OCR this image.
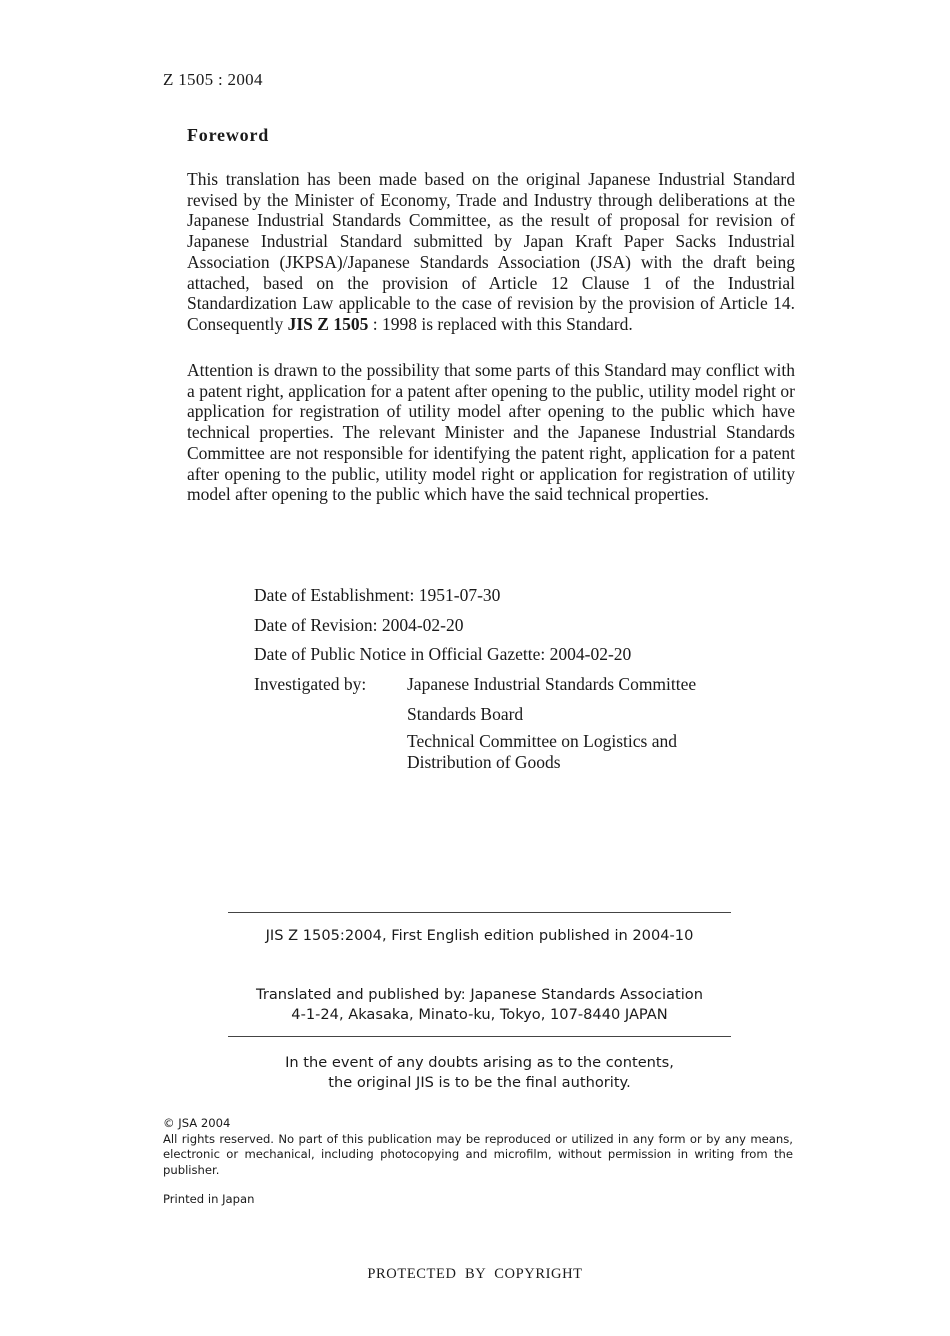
Z 1505 : 2004
Foreword
This translation has been made based on the original Japanese Industrial Standard revised by the Minister of Economy, Trade and Industry through deliberations at the Japanese Industrial Standards Committee, as the result of proposal for revision of Japanese Industrial Standard submitted by Japan Kraft Paper Sacks Industrial Association (JKPSA)/Japanese Standards Association (JSA) with the draft being attached, based on the provision of Article 12 Clause 1 of the Industrial Standardization Law applicable to the case of revision by the provision of Article 14. Consequently JIS Z 1505 : 1998 is replaced with this Standard.
Attention is drawn to the possibility that some parts of this Standard may conflict with a patent right, application for a patent after opening to the public, utility model right or application for registration of utility model after opening to the public which have technical properties. The relevant Minister and the Japanese Industrial Standards Committee are not responsible for identifying the patent right, application for a patent after opening to the public, utility model right or application for registration of utility model after opening to the public which have the said technical properties.
Date of Establishment: 1951-07-30
Date of Revision: 2004-02-20
Date of Public Notice in Official Gazette: 2004-02-20
Investigated by:	Japanese Industrial Standards Committee
Standards Board
Technical Committee on Logistics and Distribution of Goods
JIS Z 1505:2004, First English edition published in 2004-10
Translated and published by: Japanese Standards Association
4-1-24, Akasaka, Minato-ku, Tokyo, 107-8440 JAPAN
In the event of any doubts arising as to the contents,
the original JIS is to be the final authority.
© JSA 2004
All rights reserved. No part of this publication may be reproduced or utilized in any form or by any means, electronic or mechanical, including photocopying and microfilm, without permission in writing from the publisher.
Printed in Japan
PROTECTED  BY  COPYRIGHT
